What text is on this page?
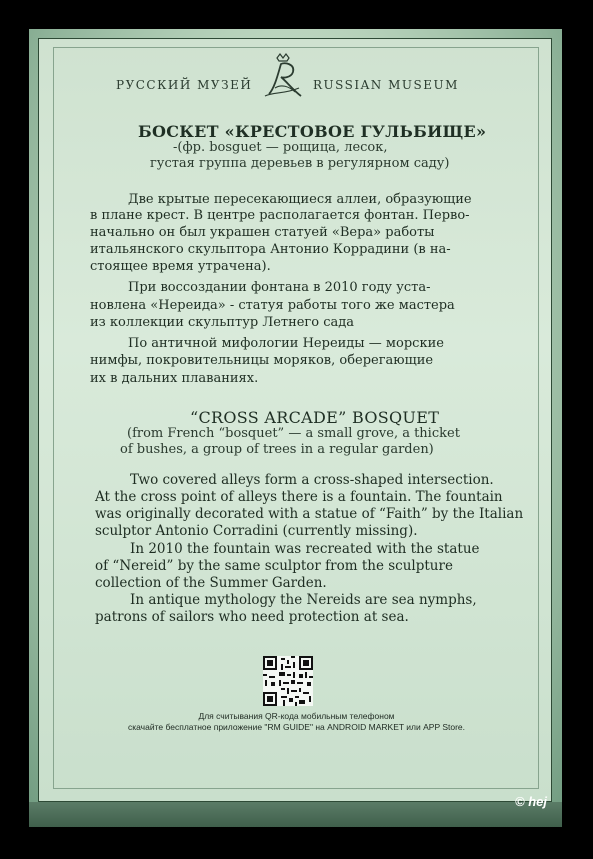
РУССКИЙ МУЗЕЙ	RUSSIAN MUSEUM
БОСКЕТ «КРЕСТОВОЕ ГУЛЬБИЩЕ»
-(фр. bosguet — рощица, лесок,
густая группа деревьев в регулярном саду)
Две крытые пересекающиеся аллеи, образующие
в плане крест. В центре располагается фонтан. Перво-
начально он был украшен статуей «Вера» работы
итальянского скульптора Антонио Коррадини (в на-
стоящее время утрачена).
При воссоздании фонтана в 2010 году уста-
новлена «Нереида» - статуя работы того же мастера
из коллекции скульптур Летнего сада
По античной мифологии Нереиды — морские
нимфы, покровительницы моряков, оберегающие
их в дальних плаваниях.
“CROSS ARCADE” BOSQUET
(from French “bosquet” — a small grove, a thicket
of bushes, a group of trees in a regular garden)
Two covered alleys form a cross-shaped intersection.
At the cross point of alleys there is a fountain. The fountain
was originally decorated with a statue of “Faith” by the Italian
sculptor Antonio Corradini (currently missing).
In 2010 the fountain was recreated with the statue
of “Nereid” by the same sculptor from the sculpture
collection of the Summer Garden.
In antique mythology the Nereids are sea nymphs,
patrons of sailors who need protection at sea.
Для считывания QR-кода мобильным телефоном
скачайте бесплатное приложение "RM GUIDE" на ANDROID MARKET или APP Store.
© hej
